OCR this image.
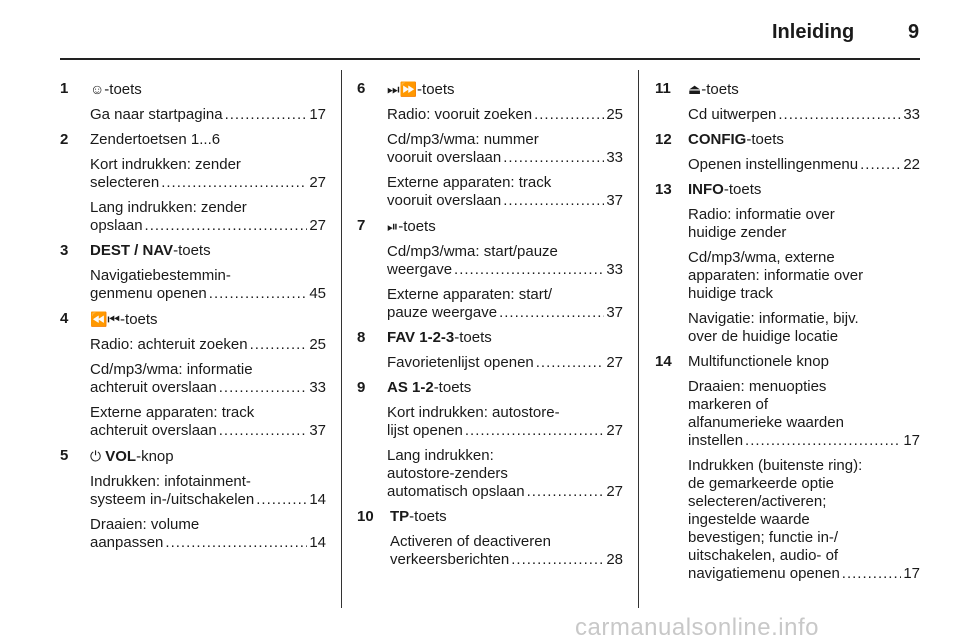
Inleiding	9
1 ☺-toets
Ga naar startpagina .....	17
2 Zendertoetsen 1...6
Kort indrukken: zender
selecteren .....	27
Lang indrukken: zender
opslaan .....	27
3 DEST / NAV-toets
Navigatiebestemmin-
genmenu openen .....	45
4 ⏪⏮-toets
Radio: achteruit zoeken .....	25
Cd/mp3/wma: informatie
achteruit overslaan .....	33
Externe apparaten: track
achteruit overslaan .....	37
5 ⏻ VOL-knop
Indrukken: infotainment-
systeem in-/uitschakelen .....	14
Draaien: volume
aanpassen .....	14
6 ⏭⏩-toets
Radio: vooruit zoeken .....	25
Cd/mp3/wma: nummer
vooruit overslaan .....	33
Externe apparaten: track
vooruit overslaan .....	37
7 ⏯-toets
Cd/mp3/wma: start/pauze
weergave .....	33
Externe apparaten: start/
pauze weergave .....	37
8 FAV 1-2-3-toets
Favorietenlijst openen .....	27
9 AS 1-2-toets
Kort indrukken: autostore-
lijst openen .....	27
Lang indrukken:
autostore-zenders
automatisch opslaan .....	27
10 TP-toets
Activeren of deactiveren
verkeersberichten .....	28
11 ⏏-toets
Cd uitwerpen .....	33
12 CONFIG-toets
Openen instellingenmenu .....	22
13 INFO-toets
Radio: informatie over
huidige zender
Cd/mp3/wma, externe
apparaten: informatie over
huidige track
Navigatie: informatie, bijv.
over de huidige locatie
14 Multifunctionele knop
Draaien: menuopties
markeren of
alfanumerieke waarden
instellen .....	17
Indrukken (buitenste ring):
de gemarkeerde optie
selecteren/activeren;
ingestelde waarde
bevestigen; functie in-/
uitschakelen, audio- of
navigatiemenu openen .....	17
carmanualsonline.info
